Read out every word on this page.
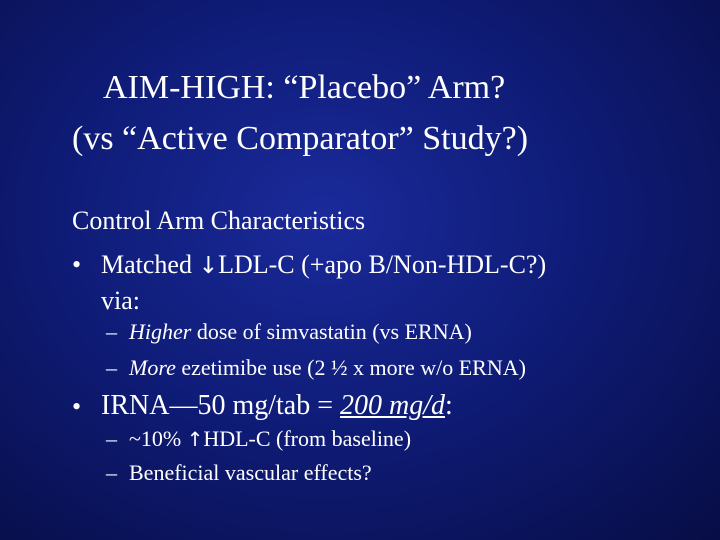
AIM-HIGH: “Placebo” Arm?
(vs “Active Comparator” Study?)
Control Arm Characteristics
• Matched ↓LDL-C (+apo B/Non-HDL-C?)
via:
– Higher dose of simvastatin (vs ERNA)
– More ezetimibe use (2 ½ x more w/o ERNA)
• IRNA—50 mg/tab = 200 mg/d:
– ~10% ↑HDL-C (from baseline)
– Beneficial vascular effects?
